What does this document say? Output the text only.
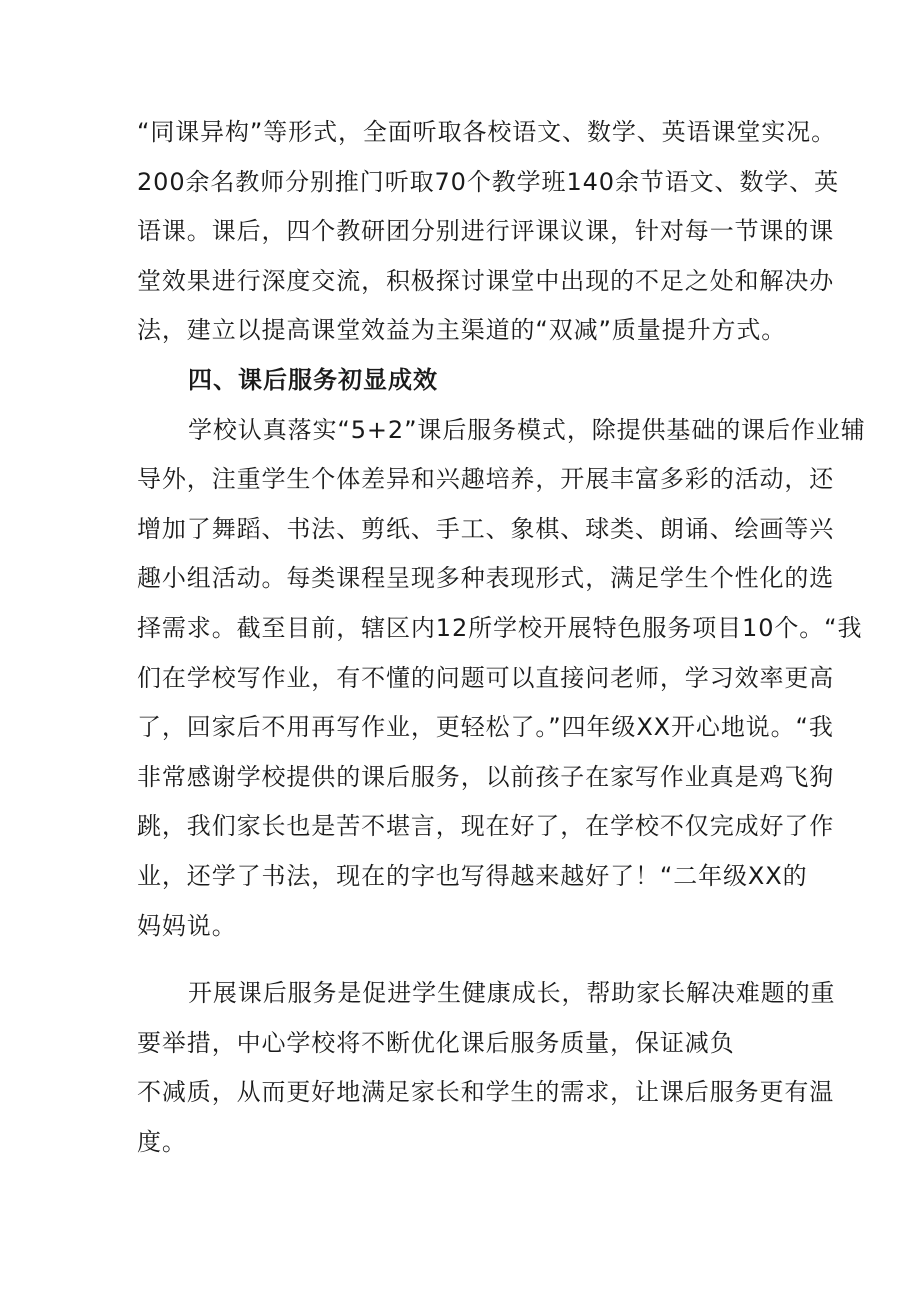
“同课异构”等形式，全面听取各校语文、数学、英语课堂实况。
200余名教师分别推门听取70个教学班140余节语文、数学、英
语课。课后，四个教研团分别进行评课议课，针对每一节课的课
堂效果进行深度交流，积极探讨课堂中出现的不足之处和解决办
法，建立以提高课堂效益为主渠道的“双减”质量提升方式。
四、课后服务初显成效
学校认真落实“5+2”课后服务模式，除提供基础的课后作业辅
导外，注重学生个体差异和兴趣培养，开展丰富多彩的活动，还
增加了舞蹈、书法、剪纸、手工、象棋、球类、朗诵、绘画等兴
趣小组活动。每类课程呈现多种表现形式，满足学生个性化的选
择需求。截至目前，辖区内12所学校开展特色服务项目10个。“我
们在学校写作业，有不懂的问题可以直接问老师，学习效率更高
了，回家后不用再写作业，更轻松了。”四年级XX开心地说。“我
非常感谢学校提供的课后服务，以前孩子在家写作业真是鸡飞狗
跳，我们家长也是苦不堪言，现在好了，在学校不仅完成好了作
业，还学了书法，现在的字也写得越来越好了！“二年级XX的
妈妈说。
开展课后服务是促进学生健康成长，帮助家长解决难题的重
要举措，中心学校将不断优化课后服务质量，保证减负
不减质，从而更好地满足家长和学生的需求，让课后服务更有温
度。
